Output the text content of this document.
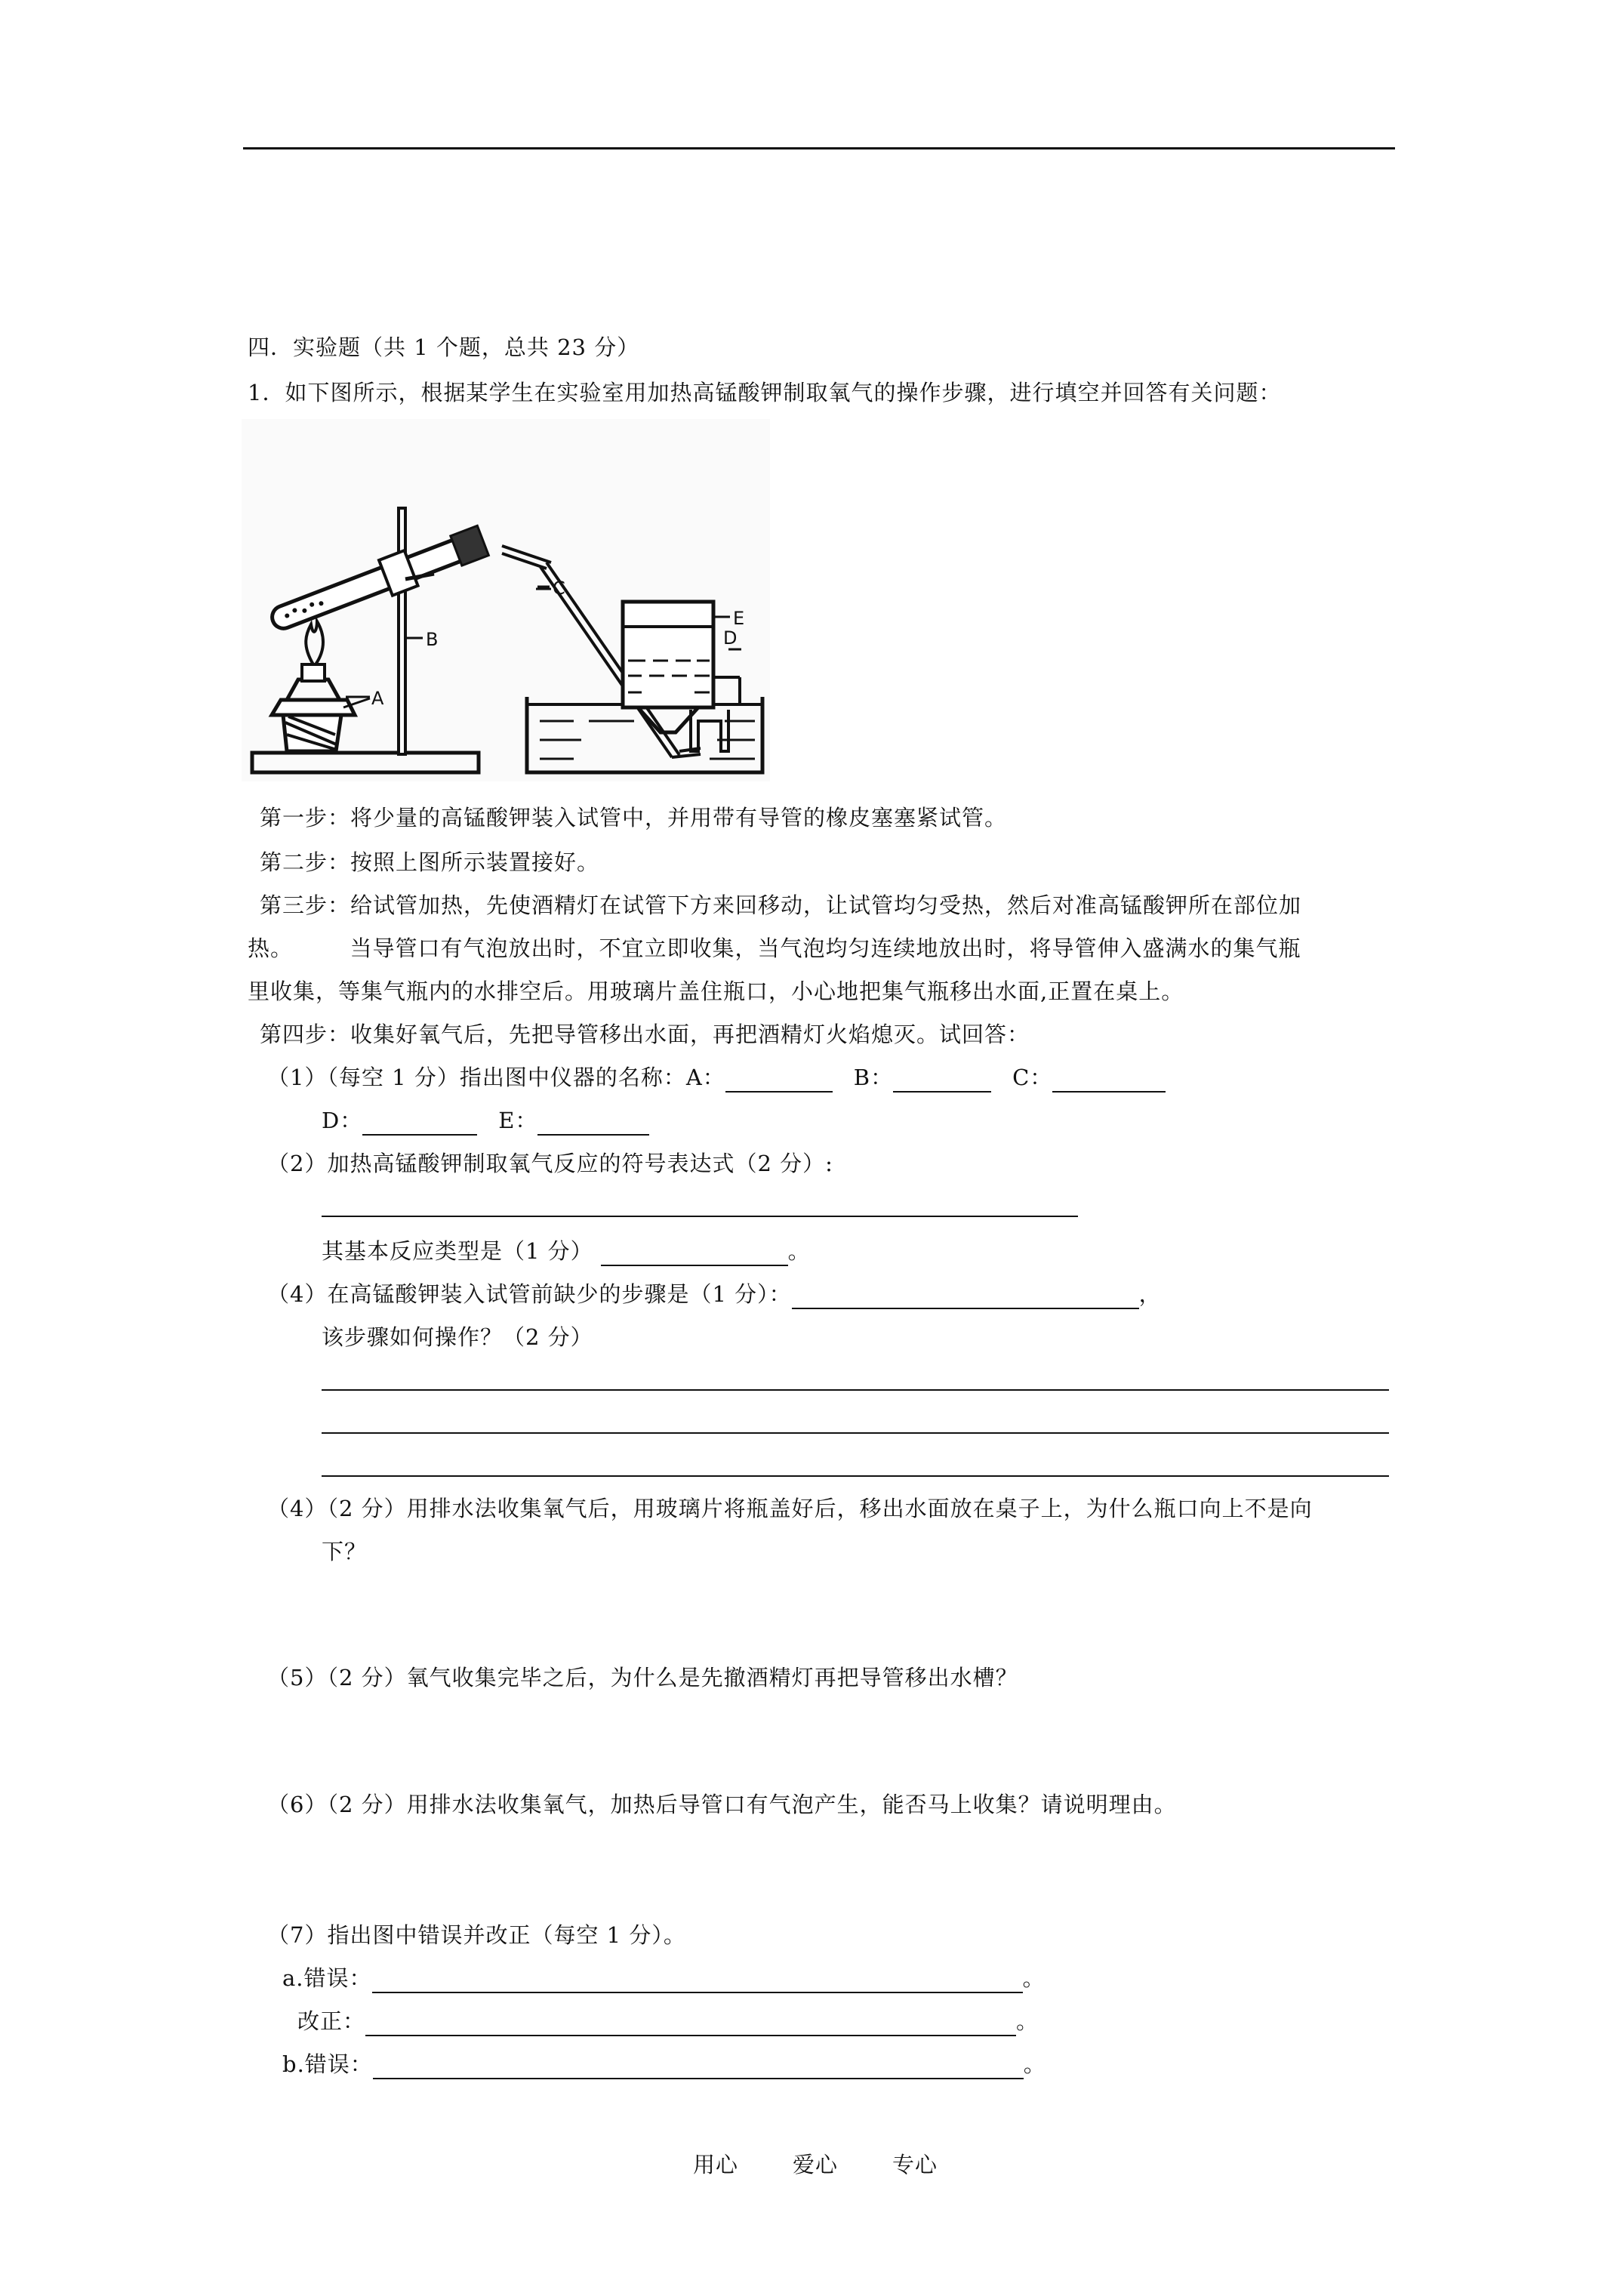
四．实验题（共 1 个题，总共 23 分）
1．如下图所示，根据某学生在实验室用加热高锰酸钾制取氧气的操作步骤，进行填空并回答有关问题：
A
B
C
E
D
第一步：将少量的高锰酸钾装入试管中，并用带有导管的橡皮塞塞紧试管。
第二步：按照上图所示装置接好。
第三步：给试管加热，先使酒精灯在试管下方来回移动，让试管均匀受热，然后对准高锰酸钾所在部位加
热。　　　当导管口有气泡放出时，不宜立即收集，当气泡均匀连续地放出时，将导管伸入盛满水的集气瓶
里收集，等集气瓶内的水排空后。用玻璃片盖住瓶口，小心地把集气瓶移出水面,正置在桌上。
第四步：收集好氧气后，先把导管移出水面，再把酒精灯火焰熄灭。试回答：
（1）（每空 1 分）指出图中仪器的名称：A：	B：	C：
D：	E：
（2）加热高锰酸钾制取氧气反应的符号表达式（2 分）:
其基本反应类型是（1 分）	。
（4）在高锰酸钾装入试管前缺少的步骤是（1 分）：	，
该步骤如何操作？（2 分）
（4）（2 分）用排水法收集氧气后，用玻璃片将瓶盖好后，移出水面放在桌子上，为什么瓶口向上不是向
下？
（5）（2 分）氧气收集完毕之后，为什么是先撤酒精灯再把导管移出水槽？
（6）（2 分）用排水法收集氧气，加热后导管口有气泡产生，能否马上收集？请说明理由。
（7）指出图中错误并改正（每空 1 分）。
a.错误：	。
改正：	。
b.错误：	。
用心 爱心 专心
